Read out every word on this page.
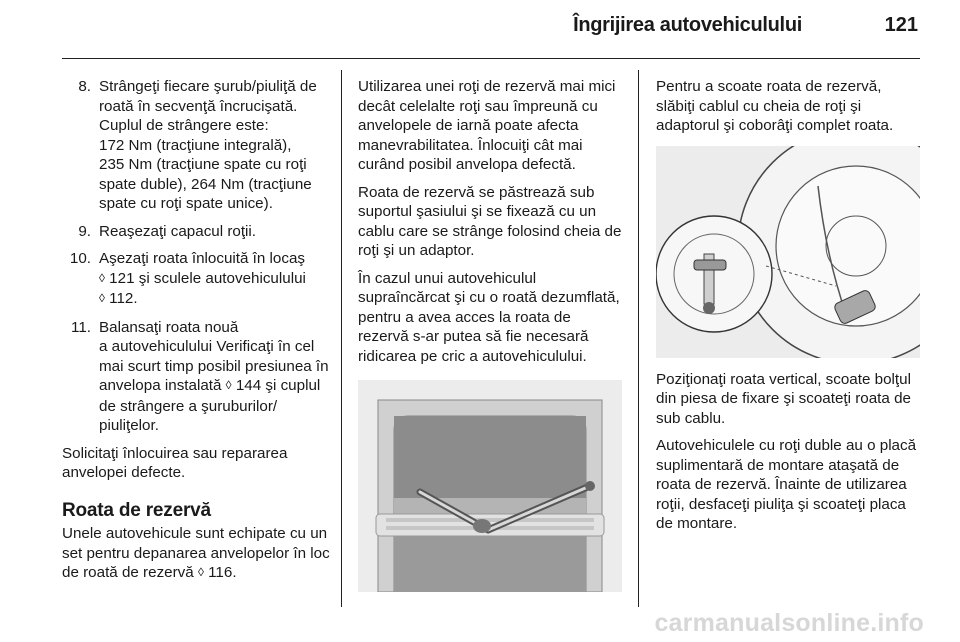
Îngrijirea autovehiculului	121
8. Strângeţi fiecare şurub/piuliţă de
roată în secvenţă încrucişată.
Cuplul de strângere este:
172 Nm (tracţiune integrală),
235 Nm (tracţiune spate cu roţi
spate duble), 264 Nm (tracţiune
spate cu roţi spate unice).
9. Reaşezaţi capacul roţii.
10. Aşezaţi roata înlocuită în locaş
◊ 121 şi sculele autovehiculului
◊ 112.
11. Balansaţi roata nouă
a autovehiculului Verificaţi în cel
mai scurt timp posibil presiunea în
anvelopa instalată ◊ 144 şi cuplul
de strângere a şuruburilor/
piuliţelor.

Solicitaţi înlocuirea sau repararea anvelopei defecte.

Roata de rezervă

Unele autovehicule sunt echipate cu un set pentru depanarea anvelopelor în loc de roată de rezervă ◊ 116.

Utilizarea unei roţi de rezervă mai mici decât celelalte roţi sau împreună cu anvelopele de iarnă poate afecta manevrabilitatea. Înlocuiţi cât mai curând posibil anvelopa defectă.

Roata de rezervă se păstrează sub suportul şasiului şi se fixează cu un cablu care se strânge folosind cheia de roţi şi un adaptor.

În cazul unui autovehiculul supraîncărcat şi cu o roată dezumflată, pentru a avea acces la roata de rezervă s-ar putea să fie necesară ridicarea pe cric a autovehiculului.

Pentru a scoate roata de rezervă, slăbiţi cablul cu cheia de roţi şi adaptorul şi coborâţi complet roata.

Poziţionaţi roata vertical, scoate bolţul din piesa de fixare şi scoateţi roata de sub cablu.

Autovehiculele cu roţi duble au o placă suplimentară de montare ataşată de roata de rezervă. Înainte de utilizarea roţii, desfaceţi piuliţa şi scoateţi placa de montare.

carmanualsonline.info
